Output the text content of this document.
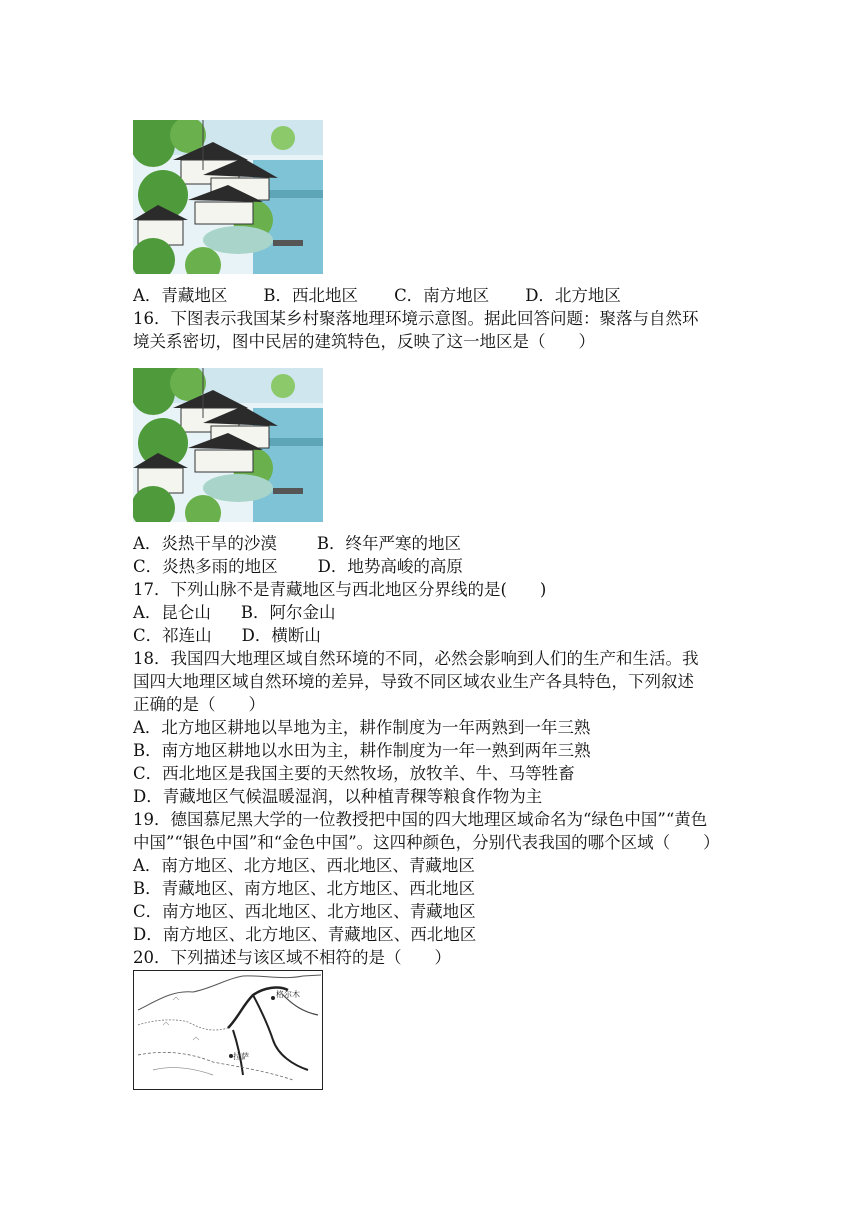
A．青藏地区 B．西北地区 C．南方地区 D．北方地区
16．下图表示我国某乡村聚落地理环境示意图。据此回答问题：聚落与自然环
境关系密切，图中民居的建筑特色，反映了这一地区是（　　）
A．炎热干旱的沙漠 B．终年严寒的地区
C．炎热多雨的地区 D．地势高峻的高原
17．下列山脉不是青藏地区与西北地区分界线的是(　　)
A．昆仑山 B．阿尔金山
C．祁连山 D．横断山
18．我国四大地理区域自然环境的不同，必然会影响到人们的生产和生活。我
国四大地理区域自然环境的差异，导致不同区域农业生产各具特色，下列叙述
正确的是（　　）
A．北方地区耕地以旱地为主，耕作制度为一年两熟到一年三熟
B．南方地区耕地以水田为主，耕作制度为一年一熟到两年三熟
C．西北地区是我国主要的天然牧场，放牧羊、牛、马等牲畜
D．青藏地区气候温暖湿润，以种植青稞等粮食作物为主
19．德国慕尼黑大学的一位教授把中国的四大地理区域命名为“绿色中国”“黄色
中国”“银色中国”和“金色中国”。这四种颜色，分别代表我国的哪个区域（　　）
A．南方地区、北方地区、西北地区、青藏地区
B．青藏地区、南方地区、北方地区、西北地区
C．南方地区、西北地区、北方地区、青藏地区
D．南方地区、北方地区、青藏地区、西北地区
20．下列描述与该区域不相符的是（　　）
格尔木
拉萨
